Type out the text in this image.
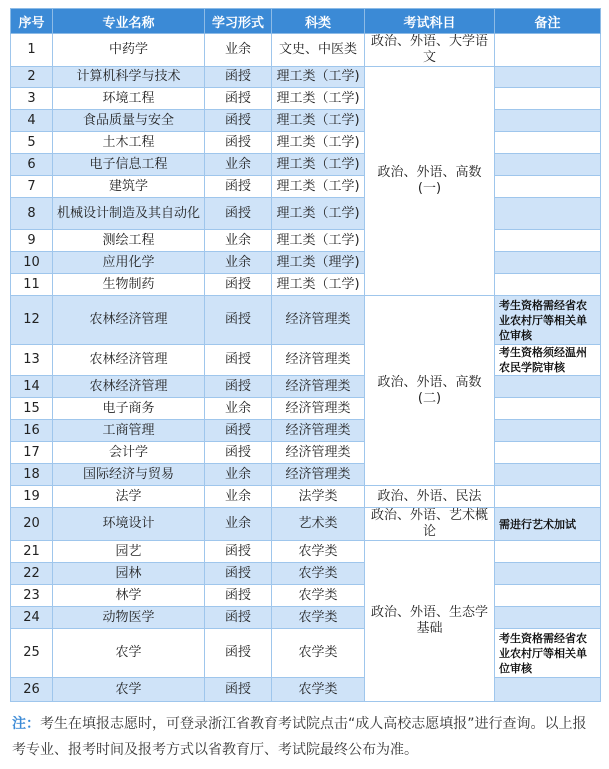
序号	专业名称	学习形式	科类	考试科目	备注
1	中药学	业余	文史、中医类	政治、外语、大学语文	
2	计算机科学与技术	函授	理工类（工学)	政治、外语、高数(一)	
3	环境工程	函授	理工类（工学)		
4	食品质量与安全	函授	理工类（工学)		
5	土木工程	函授	理工类（工学)		
6	电子信息工程	业余	理工类（工学)		
7	建筑学	函授	理工类（工学)		
8	机械设计制造及其自动化	函授	理工类（工学)		
9	测绘工程	业余	理工类（工学)		
10	应用化学	业余	理工类（理学)		
11	生物制药	函授	理工类（工学)		
12	农林经济管理	函授	经济管理类	政治、外语、高数(二)	考生资格需经省农业农村厅等相关单位审核
13	农林经济管理	函授	经济管理类		考生资格须经温州农民学院审核
14	农林经济管理	函授	经济管理类		
15	电子商务	业余	经济管理类		
16	工商管理	函授	经济管理类		
17	会计学	函授	经济管理类		
18	国际经济与贸易	业余	经济管理类		
19	法学	业余	法学类	政治、外语、民法	
20	环境设计	业余	艺术类	政治、外语、艺术概论	需进行艺术加试
21	园艺	函授	农学类	政治、外语、生态学基础	
22	园林	函授	农学类		
23	林学	函授	农学类		
24	动物医学	函授	农学类		
25	农学	函授	农学类		考生资格需经省农业农村厅等相关单位审核
26	农学	函授	农学类		
注：考生在填报志愿时，可登录浙江省教育考试院点击“成人高校志愿填报”进行查询。以上报考专业、报考时间及报考方式以省教育厅、考试院最终公布为准。
